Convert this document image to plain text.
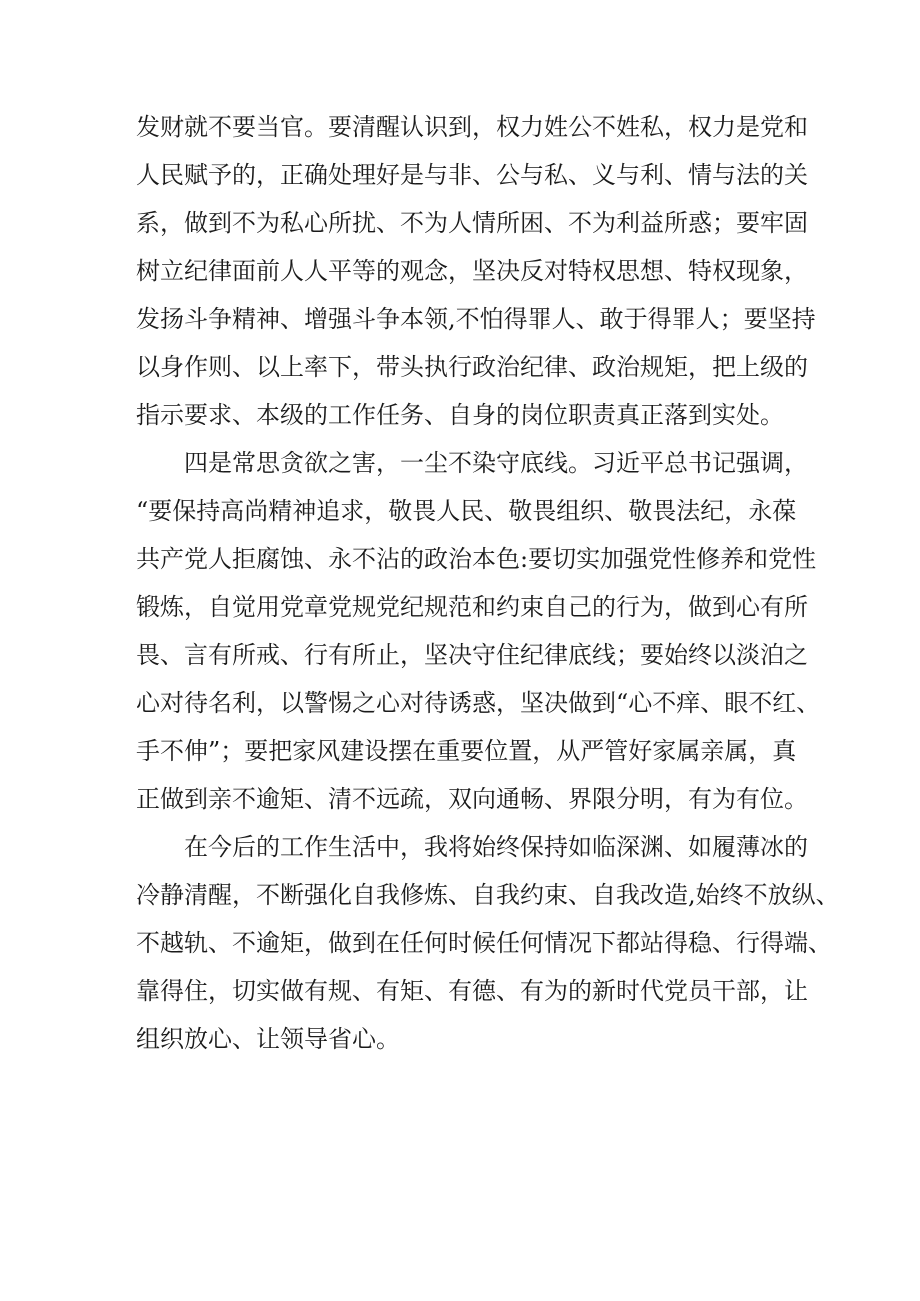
发财就不要当官。要清醒认识到，权力姓公不姓私，权力是党和
人民赋予的，正确处理好是与非、公与私、义与利、情与法的关
系，做到不为私心所扰、不为人情所困、不为利益所惑；要牢固
树立纪律面前人人平等的观念，坚决反对特权思想、特权现象，
发扬斗争精神、增强斗争本领,不怕得罪人、敢于得罪人；要坚持
以身作则、以上率下，带头执行政治纪律、政治规矩，把上级的
指示要求、本级的工作任务、自身的岗位职责真正落到实处。
四是常思贪欲之害，一尘不染守底线。习近平总书记强调，
“要保持高尚精神追求，敬畏人民、敬畏组织、敬畏法纪，永葆
共产党人拒腐蚀、永不沾的政治本色:要切实加强党性修养和党性
锻炼，自觉用党章党规党纪规范和约束自己的行为，做到心有所
畏、言有所戒、行有所止，坚决守住纪律底线；要始终以淡泊之
心对待名利，以警惕之心对待诱惑，坚决做到“心不痒、眼不红、
手不伸”；要把家风建设摆在重要位置，从严管好家属亲属，真
正做到亲不逾矩、清不远疏，双向通畅、界限分明，有为有位。
在今后的工作生活中，我将始终保持如临深渊、如履薄冰的
冷静清醒，不断强化自我修炼、自我约束、自我改造,始终不放纵、
不越轨、不逾矩，做到在任何时候任何情况下都站得稳、行得端、
靠得住，切实做有规、有矩、有德、有为的新时代党员干部，让
组织放心、让领导省心。
